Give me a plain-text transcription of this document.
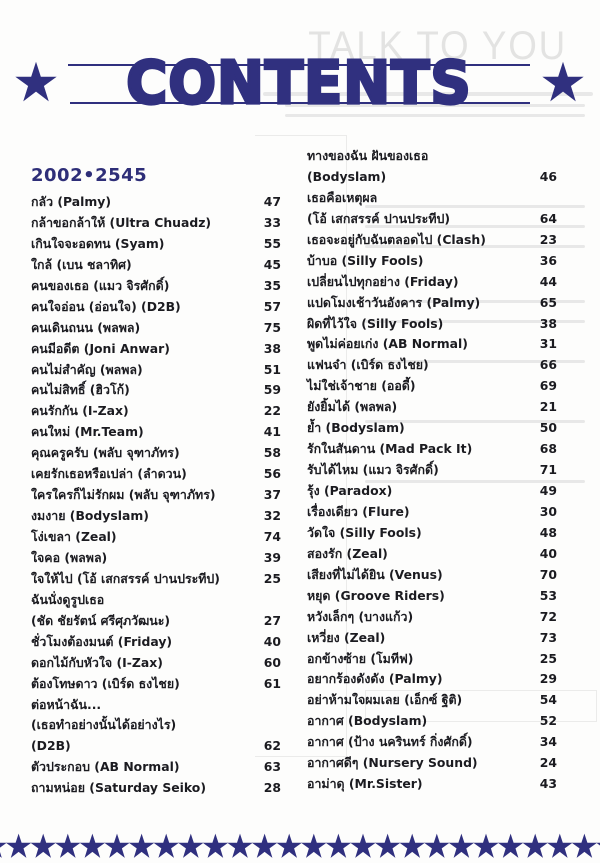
TALK TO YOU
CONTENTS
2002•2545
กลัว (Palmy)	47
กล้าขอกล้าให้ (Ultra Chuadz)	33
เกินใจจะอดทน (Syam)	55
ใกล้ (เบน ชลาทิศ)	45
คนของเธอ (แมว จิรศักดิ์)	35
คนใจอ่อน (อ่อนใจ) (D2B)	57
คนเดินถนน (พลพล)	75
คนมีอดีต (Joni Anwar)	38
คนไม่สำคัญ (พลพล)	51
คนไม่สิทธิ์ (ฮิวโก้)	59
คนรักกัน (I-Zax)	22
คนใหม่ (Mr.Team)	41
คุณครูครับ (พลับ จุฑาภัทร)	58
เคยรักเธอหรือเปล่า (ลำดวน)	56
ใครใครก็ไม่รักผม (พลับ จุฑาภัทร)	37
งมงาย (Bodyslam)	32
โง่เขลา (Zeal)	74
ใจคอ (พลพล)	39
ใจให้ไป (โอ้ เสกสรรค์ ปานประทีป)	25
ฉันนั่งดูรูปเธอ
(ชัด ชัยรัตน์ ศรีศุภวัฒนะ)	27
ชั่วโมงต้องมนต์ (Friday)	40
ดอกไม้กับหัวใจ (I-Zax)	60
ต้องโทษดาว (เบิร์ด ธงไชย)	61
ต่อหน้าฉัน...
(เธอทำอย่างนั้นได้อย่างไร)
(D2B)	62
ตัวประกอบ (AB Normal)	63
ถามหน่อย (Saturday Seiko)	28
ทางของฉัน ฝันของเธอ
(Bodyslam)	46
เธอคือเหตุผล
(โอ้ เสกสรรค์ ปานประทีป)	64
เธอจะอยู่กับฉันตลอดไป (Clash)	23
บ้าบอ (Silly Fools)	36
เปลี่ยนไปทุกอย่าง (Friday)	44
แปดโมงเช้าวันอังคาร (Palmy)	65
ผิดที่ไว้ใจ (Silly Fools)	38
พูดไม่ค่อยเก่ง (AB Normal)	31
แฟนจ๋า (เบิร์ด ธงไชย)	66
ไม่ใช่เจ้าชาย (ออดี้)	69
ยังยิ้มได้ (พลพล)	21
ย้ำ (Bodyslam)	50
รักในสันดาน (Mad Pack It)	68
รับได้ไหม (แมว จิรศักดิ์)	71
รุ้ง (Paradox)	49
เรื่องเดียว (Flure)	30
วัดใจ (Silly Fools)	48
สองรัก (Zeal)	40
เสียงที่ไม่ได้ยิน (Venus)	70
หยุด (Groove Riders)	53
หวังเล็กๆ (บางแก้ว)	72
เหวี่ยง (Zeal)	73
อกข้างซ้าย (โมทีฟ)	25
อยากร้องดังดัง (Palmy)	29
อย่าห้ามใจผมเลย (เอ็กซ์ ฐิติ)	54
อากาศ (Bodyslam)	52
อากาศ (ป้าง นครินทร์ กิ่งศักดิ์)	34
อากาศดีๆ (Nursery Sound)	24
อาม่าดุ (Mr.Sister)	43
